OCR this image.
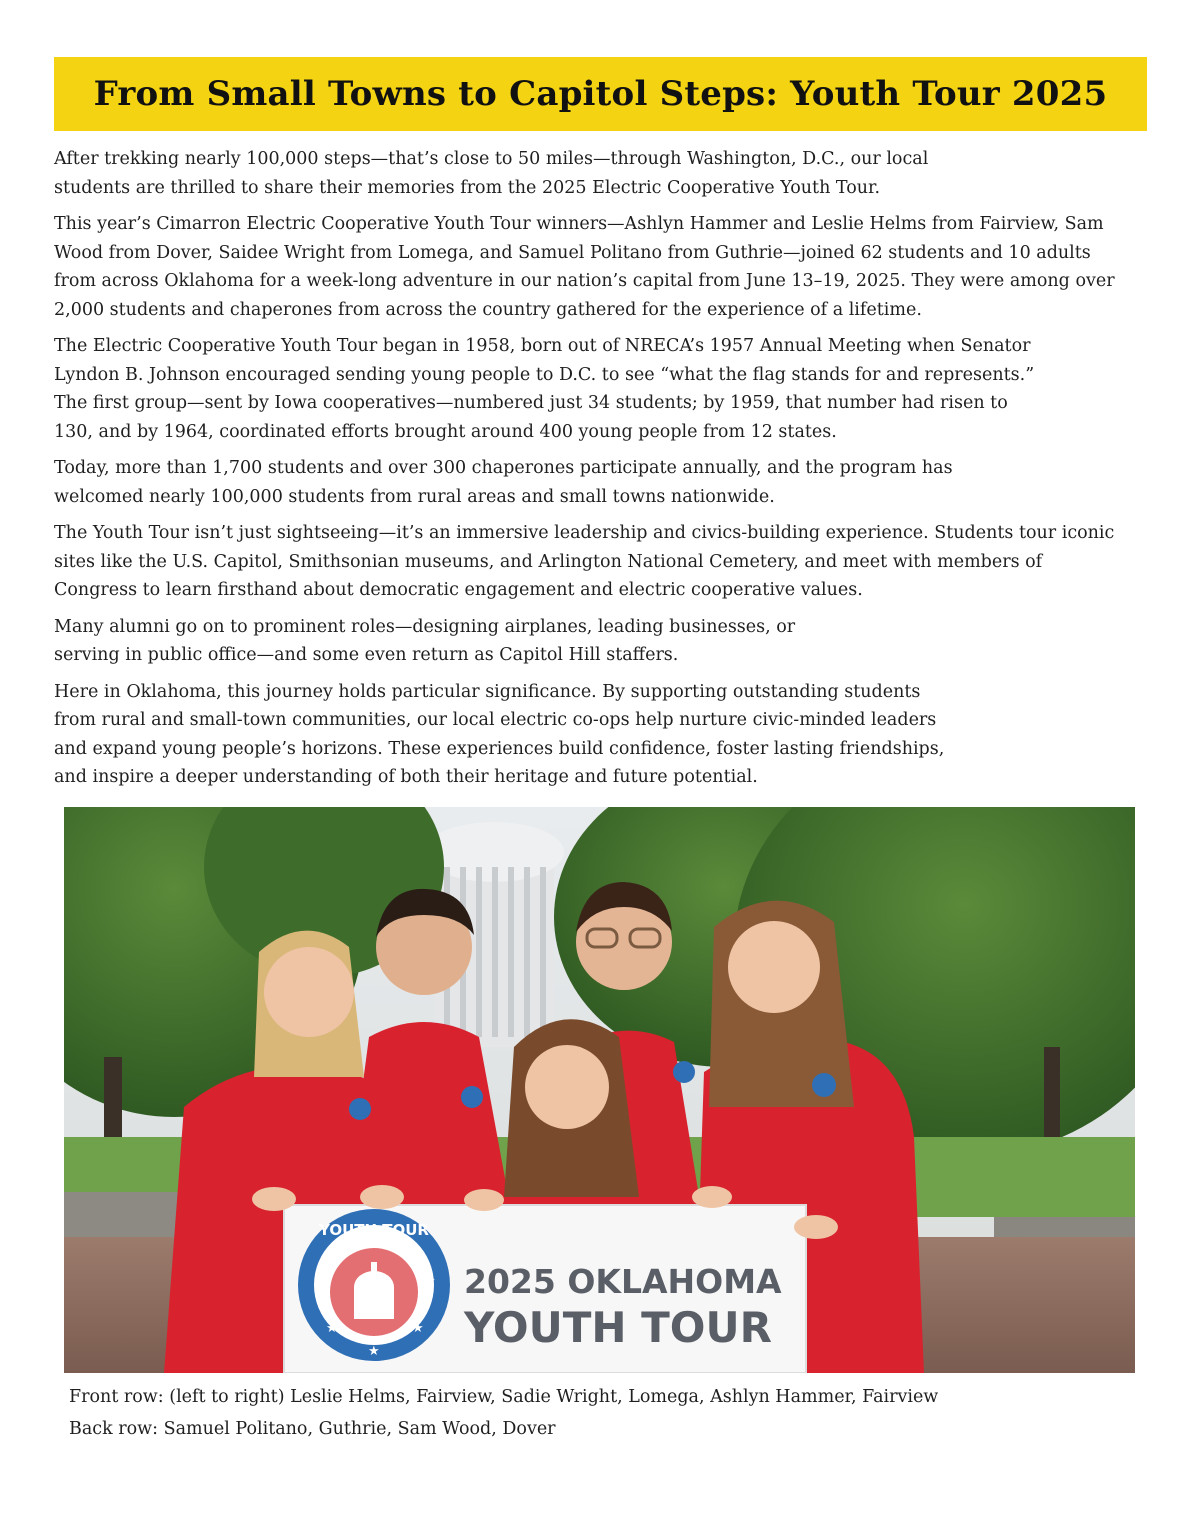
From Small Towns to Capitol Steps: Youth Tour 2025

After trekking nearly 100,000 steps—that’s close to 50 miles—through Washington, D.C., our local students are thrilled to share their memories from the 2025 Electric Cooperative Youth Tour.

This year’s Cimarron Electric Cooperative Youth Tour winners—Ashlyn Hammer and Leslie Helms from Fairview, Sam Wood from Dover, Saidee Wright from Lomega, and Samuel Politano from Guthrie—joined 62 students and 10 adults from across Oklahoma for a week-long adventure in our nation’s capital from June 13–19, 2025. They were among over 2,000 students and chaperones from across the country gathered for the experience of a lifetime.

The Electric Cooperative Youth Tour began in 1958, born out of NRECA’s 1957 Annual Meeting when Senator Lyndon B. Johnson encouraged sending young people to D.C. to see “what the flag stands for and represents.” The first group—sent by Iowa cooperatives—numbered just 34 students; by 1959, that number had risen to 130, and by 1964, coordinated efforts brought around 400 young people from 12 states.

Today, more than 1,700 students and over 300 chaperones participate annually, and the program has welcomed nearly 100,000 students from rural areas and small towns nationwide.

The Youth Tour isn’t just sightseeing—it’s an immersive leadership and civics-building experience. Students tour iconic sites like the U.S. Capitol, Smithsonian museums, and Arlington National Cemetery, and meet with members of Congress to learn firsthand about democratic engagement and electric cooperative values.

Many alumni go on to prominent roles—designing airplanes, leading businesses, or serving in public office—and some even return as Capitol Hill staffers.

Here in Oklahoma, this journey holds particular significance. By supporting outstanding students from rural and small-town communities, our local electric co-ops help nurture civic-minded leaders and expand young people’s horizons. These experiences build confidence, foster lasting friendships, and inspire a deeper understanding of both their heritage and future potential.

YOUTH TOUR
★	★
★	★
★
2025 OKLAHOMA
YOUTH TOUR
Front row: (left to right) Leslie Helms, Fairview, Sadie Wright, Lomega, Ashlyn Hammer, Fairview
Back row: Samuel Politano, Guthrie, Sam Wood, Dover
